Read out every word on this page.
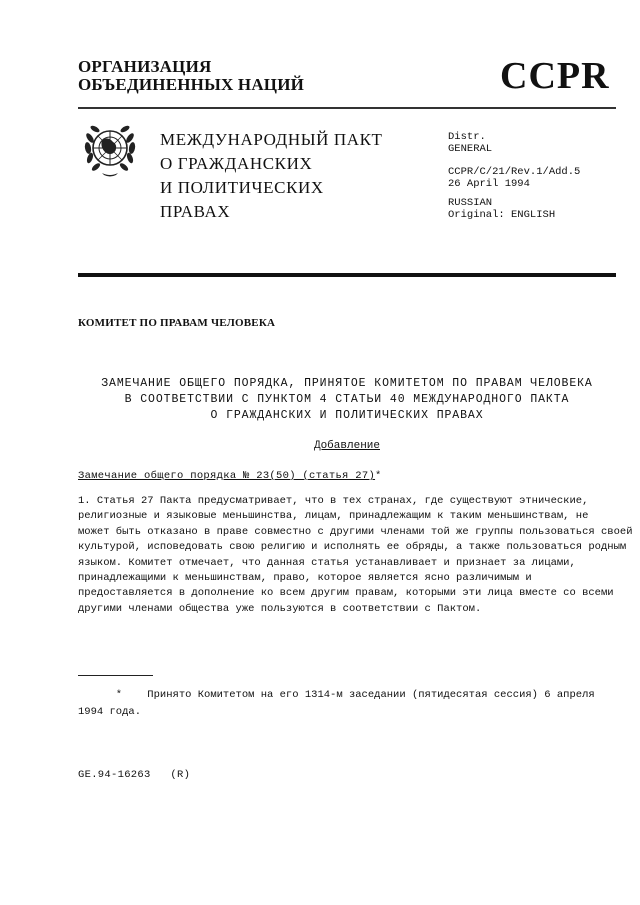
ОРГАНИЗАЦИЯ
ОБЪЕДИНЕННЫХ НАЦИЙ	CCPR
МЕЖДУНАРОДНЫЙ ПАКТ
О ГРАЖДАНСКИХ
И ПОЛИТИЧЕСКИХ
ПРАВАХ
Distr.
GENERAL
CCPR/C/21/Rev.1/Add.5
26 April 1994
RUSSIAN
Original: ENGLISH
КОМИТЕТ ПО ПРАВАМ ЧЕЛОВЕКА
ЗАМЕЧАНИЕ ОБЩЕГО ПОРЯДКА, ПРИНЯТОЕ КОМИТЕТОМ ПО ПРАВАМ ЧЕЛОВЕКА
В СООТВЕТСТВИИ С ПУНКТОМ 4 СТАТЬИ 40 МЕЖДУНАРОДНОГО ПАКТА
О ГРАЖДАНСКИХ И ПОЛИТИЧЕСКИХ ПРАВАХ
Добавление
Замечание общего порядка № 23(50) (статья 27)*
1. Статья 27 Пакта предусматривает, что в тех странах, где существуют этнические,
религиозные и языковые меньшинства, лицам, принадлежащим к таким меньшинствам, не
может быть отказано в праве совместно с другими членами той же группы пользоваться своей
культурой, исповедовать свою религию и исполнять ее обряды, а также пользоваться родным
языком. Комитет отмечает, что данная статья устанавливает и признает за лицами,
принадлежащими к меньшинствам, право, которое является ясно различимым и
предоставляется в дополнение ко всем другим правам, которыми эти лица вместе со всеми
другими членами общества уже пользуются в соответствии с Пактом.
*    Принято Комитетом на его 1314-м заседании (пятидесятая сессия) 6 апреля
1994 года.
GE.94-16263   (R)
